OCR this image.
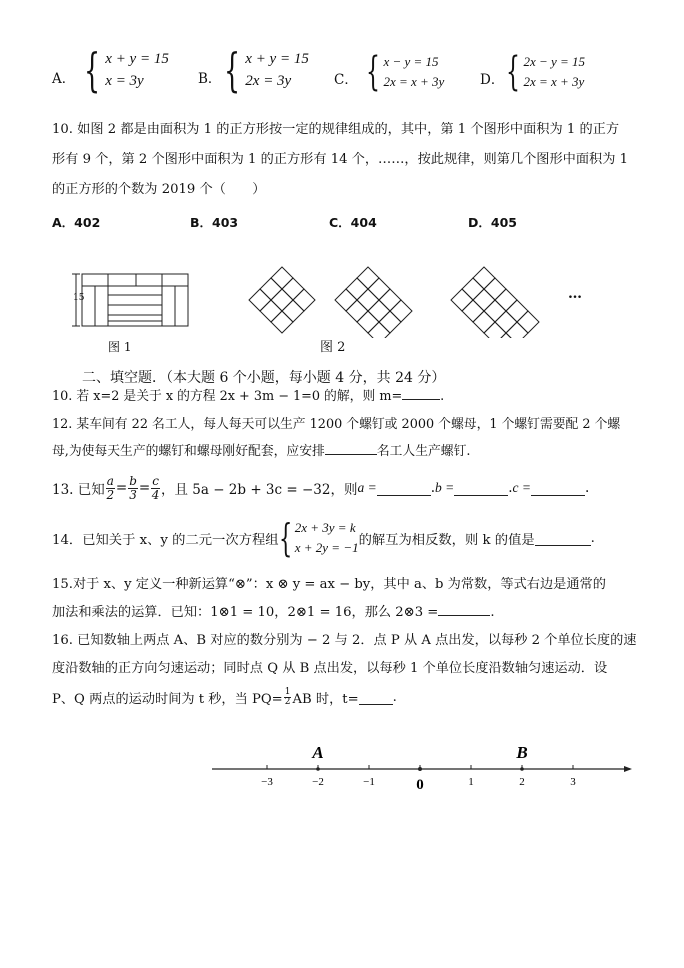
A． { x + y = 15
x = 3y	B． { x + y = 15
2x = 3y	C． { x − y = 15
2x = x + 3y	D． { 2x − y = 15
2x = x + 3y
10. 如图 2 都是由面积为 1 的正方形按一定的规律组成的，其中，第 1 个图形中面积为 1 的正方
形有 9 个，第 2 个图形中面积为 1 的正方形有 14 个，……，按此规律，则第几个图形中面积为 1
的正方形的个数为 2019 个（　　）
A．402	B．403	C．404	D．405
15
图 1	图 2
…
二、填空题．（本大题 6 个小题，每小题 4 分，共 24 分）
10. 若 x=2 是关于 x 的方程 2x + 3m − 1=0 的解，则 m=	.
12. 某车间有 22 名工人，每人每天可以生产 1200 个螺钉或 2000 个螺母，1 个螺钉需要配 2 个螺
母,为使每天生产的螺钉和螺母刚好配套，应安排	名工人生产螺钉.
13. 已知 $\frac{a}{2} = \frac{b}{3} = \frac{c}{4}$ ，且 5a − 2b + 3c = −32，则 a =	. b =	. c =	.
14．已知关于 x、y 的二元一次方程组 { 2x + 3y = k
x + 2y = −1 的解互为相反数，则 k 的值是	.
15.对于 x、y 定义一种新运算“⊗”：x ⊗ y = ax − by，其中 a、b 为常数，等式右边是通常的
加法和乘法的运算．已知：1⊗1 = 10，2⊗1 = 16，那么 2⊗3 =	.
16. 已知数轴上两点 A、B 对应的数分别为 − 2 与 2．点 P 从 A 点出发，以每秒 2 个单位长度的速
度沿数轴的正方向匀速运动；同时点 Q 从 B 点出发，以每秒 1 个单位长度沿数轴匀速运动．设
P、Q 两点的运动时间为 t 秒，当 $PQ= \frac{1}{2}$ AB 时，t=	.
−3	−2	−1	0	1	2	3
A	B
